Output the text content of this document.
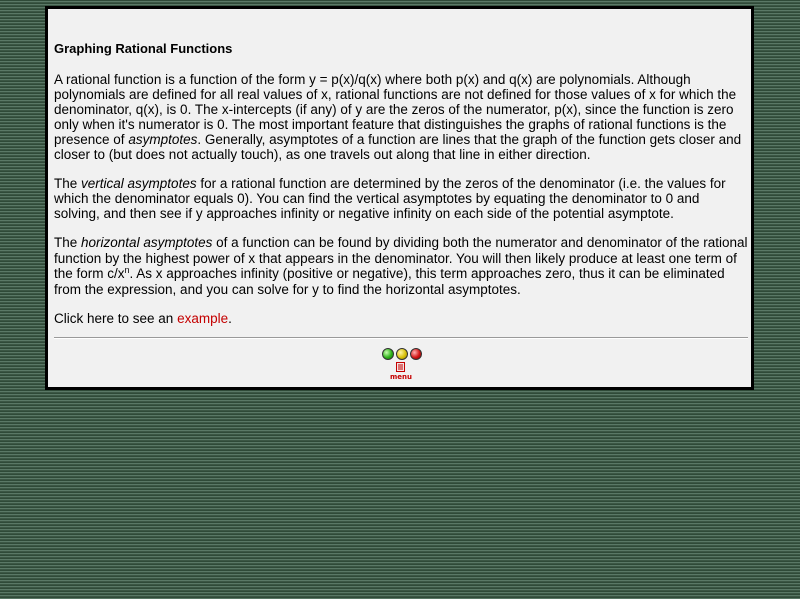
Graphing Rational Functions

A rational function is a function of the form y = p(x)/q(x) where both p(x) and q(x) are polynomials. Although polynomials are defined for all real values of x, rational functions are not defined for those values of x for which the denominator, q(x), is 0. The x-intercepts (if any) of y are the zeros of the numerator, p(x), since the function is zero only when it's numerator is 0. The most important feature that distinguishes the graphs of rational functions is the presence of asymptotes. Generally, asymptotes of a function are lines that the graph of the function gets closer and closer to (but does not actually touch), as one travels out along that line in either direction.

The vertical asymptotes for a rational function are determined by the zeros of the denominator (i.e. the values for which the denominator equals 0). You can find the vertical asymptotes by equating the denominator to 0 and solving, and then see if y approaches infinity or negative infinity on each side of the potential asymptote.

The horizontal asymptotes of a function can be found by dividing both the numerator and denominator of the rational function by the highest power of x that appears in the denominator. You will then likely produce at least one term of the form $c/x^n$. As x approaches infinity (positive or negative), this term approaches zero, thus it can be eliminated from the expression, and you can solve for y to find the horizontal asymptotes.

Click here to see an example.

menu
